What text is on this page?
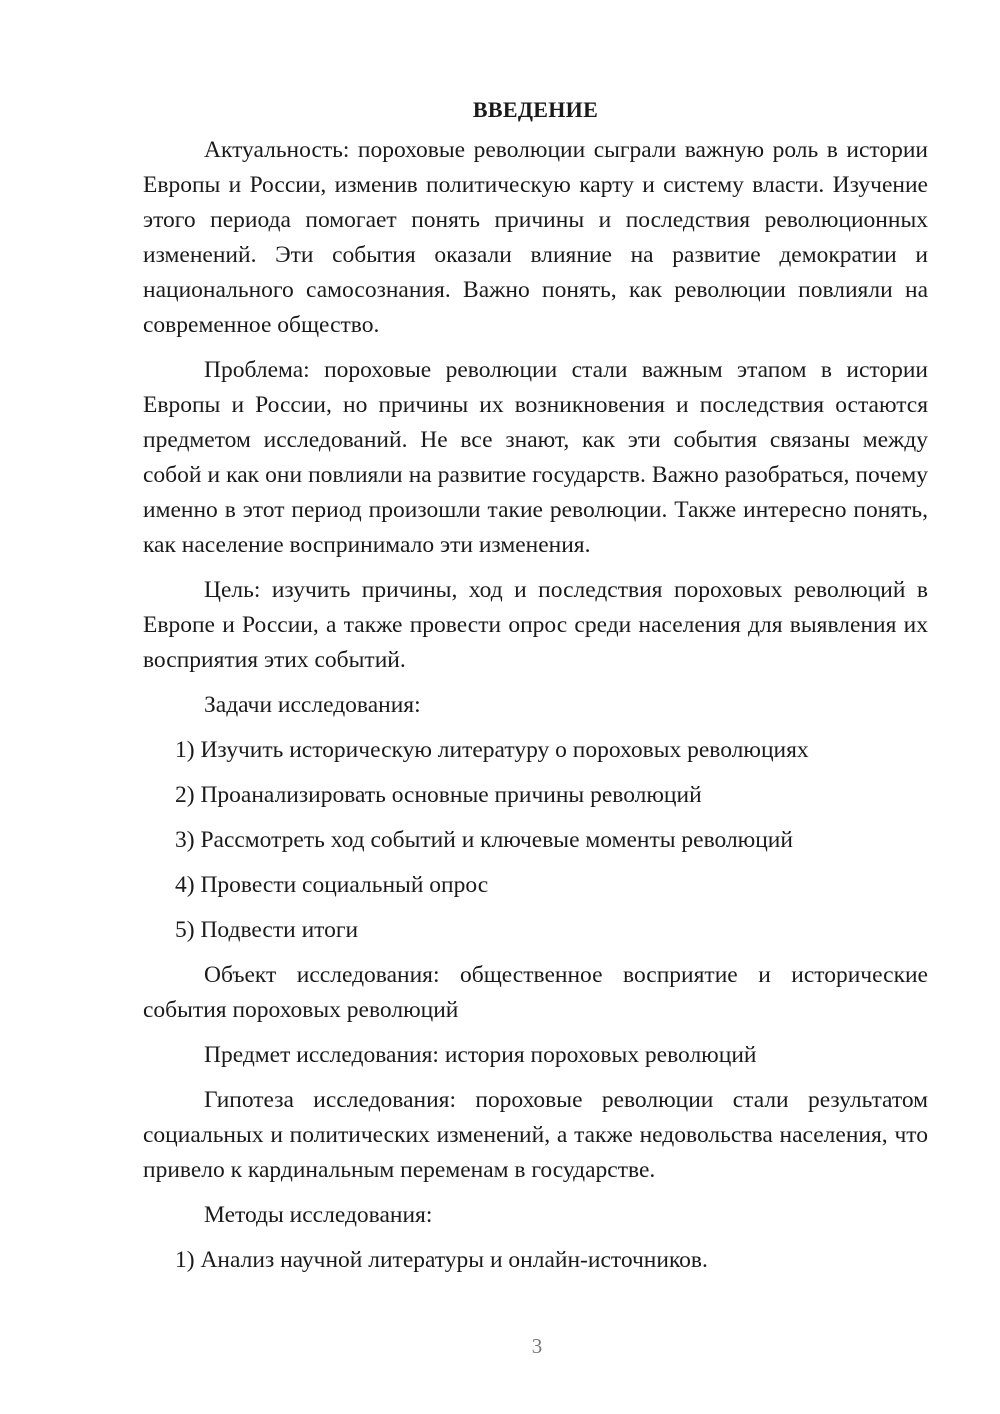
ВВЕДЕНИЕ

Актуальность: пороховые революции сыграли важную роль в истории Европы и России, изменив политическую карту и систему власти. Изучение этого периода помогает понять причины и последствия революционных изменений. Эти события оказали влияние на развитие демократии и национального самосознания. Важно понять, как революции повлияли на современное общество.

Проблема: пороховые революции стали важным этапом в истории Европы и России, но причины их возникновения и последствия остаются предметом исследований. Не все знают, как эти события связаны между собой и как они повлияли на развитие государств. Важно разобраться, почему именно в этот период произошли такие революции. Также интересно понять, как население воспринимало эти изменения.

Цель: изучить причины, ход и последствия пороховых революций в Европе и России, а также провести опрос среди населения для выявления их восприятия этих событий.

Задачи исследования:

1) Изучить историческую литературу о пороховых революциях
2) Проанализировать основные причины революций
3) Рассмотреть ход событий и ключевые моменты революций
4) Провести социальный опрос
5) Подвести итоги

Объект исследования: общественное восприятие и исторические события пороховых революций

Предмет исследования: история пороховых революций

Гипотеза исследования: пороховые революции стали результатом социальных и политических изменений, а также недовольства населения, что привело к кардинальным переменам в государстве.

Методы исследования:

1) Анализ научной литературы и онлайн-источников.
3
